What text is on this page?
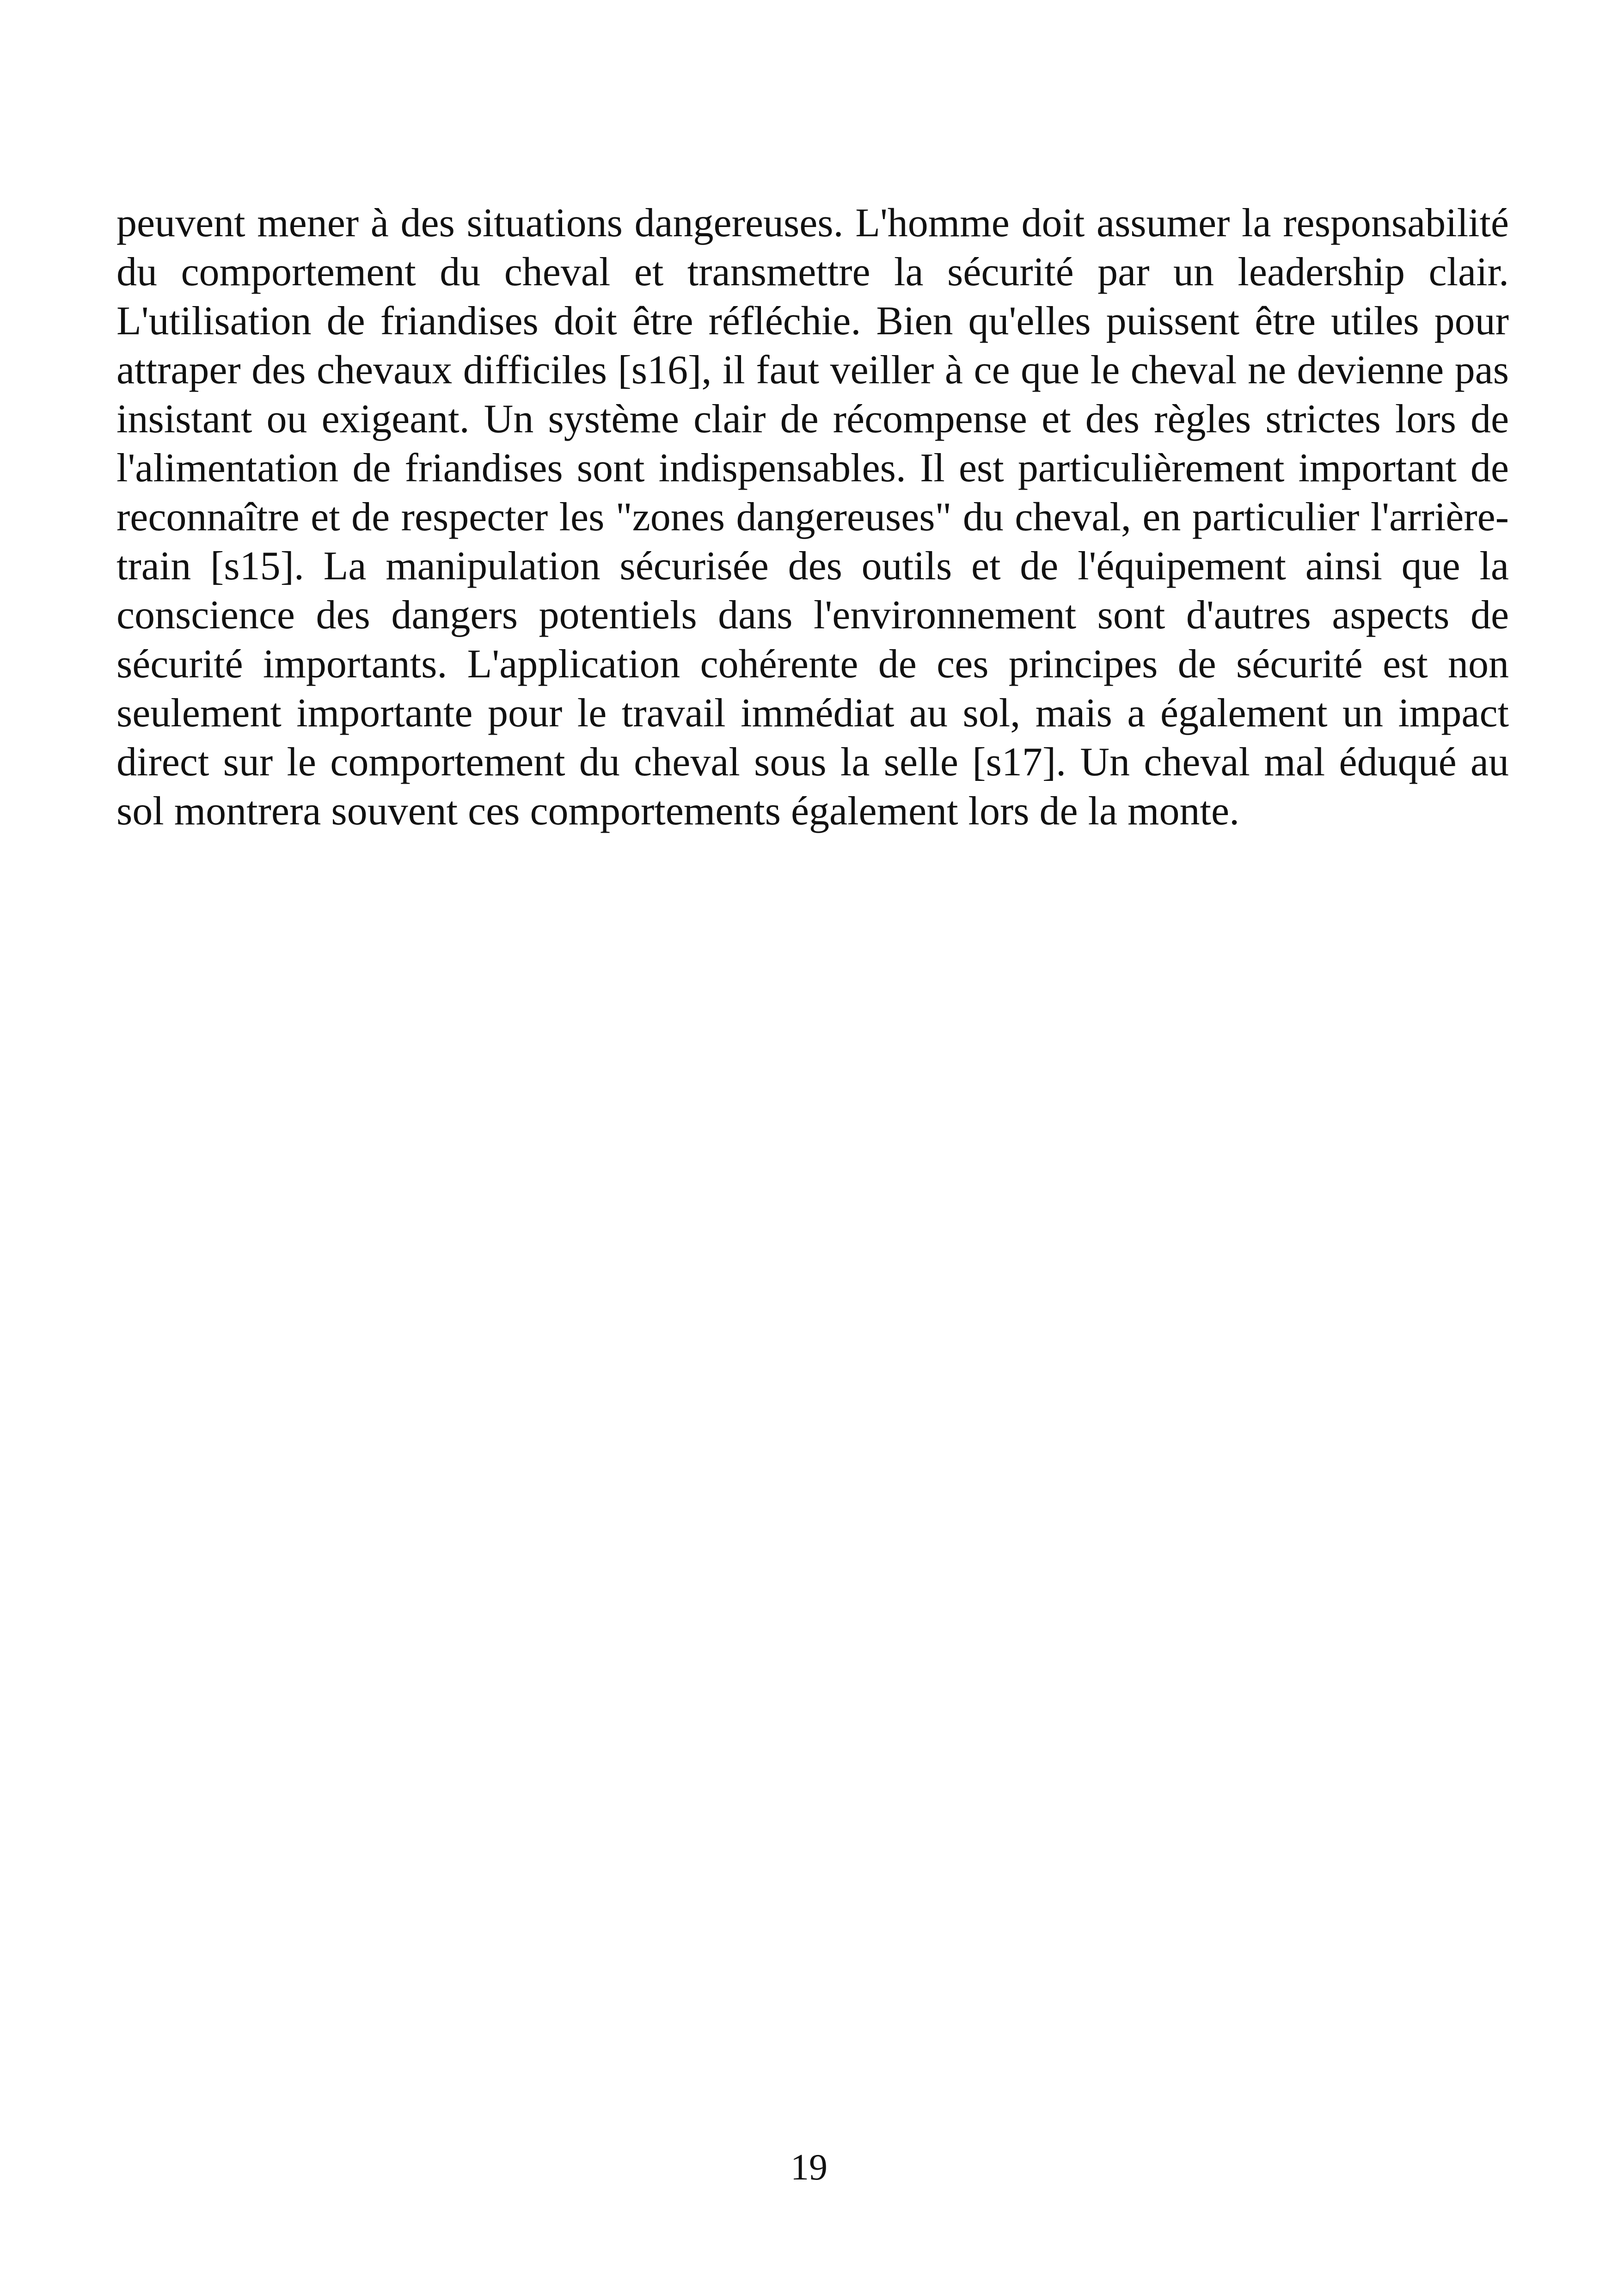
peuvent mener à des situations dangereuses. L'homme doit assumer la responsabilité du comportement du cheval et transmettre la sécurité par un leadership clair. L'utilisation de friandises doit être réfléchie. Bien qu'elles puissent être utiles pour attraper des chevaux difficiles [s16], il faut veiller à ce que le cheval ne devienne pas insistant ou exigeant. Un système clair de récompense et des règles strictes lors de l'alimentation de friandises sont indispensables. Il est particulièrement important de reconnaître et de respecter les "zones dangereuses" du cheval, en particulier l'arrière-train [s15]. La manipulation sécurisée des outils et de l'équipement ainsi que la conscience des dangers potentiels dans l'environnement sont d'autres aspects de sécurité importants. L'application cohérente de ces principes de sécurité est non seulement importante pour le travail immédiat au sol, mais a également un impact direct sur le comportement du cheval sous la selle [s17]. Un cheval mal éduqué au sol montrera souvent ces comportements également lors de la monte.

19
